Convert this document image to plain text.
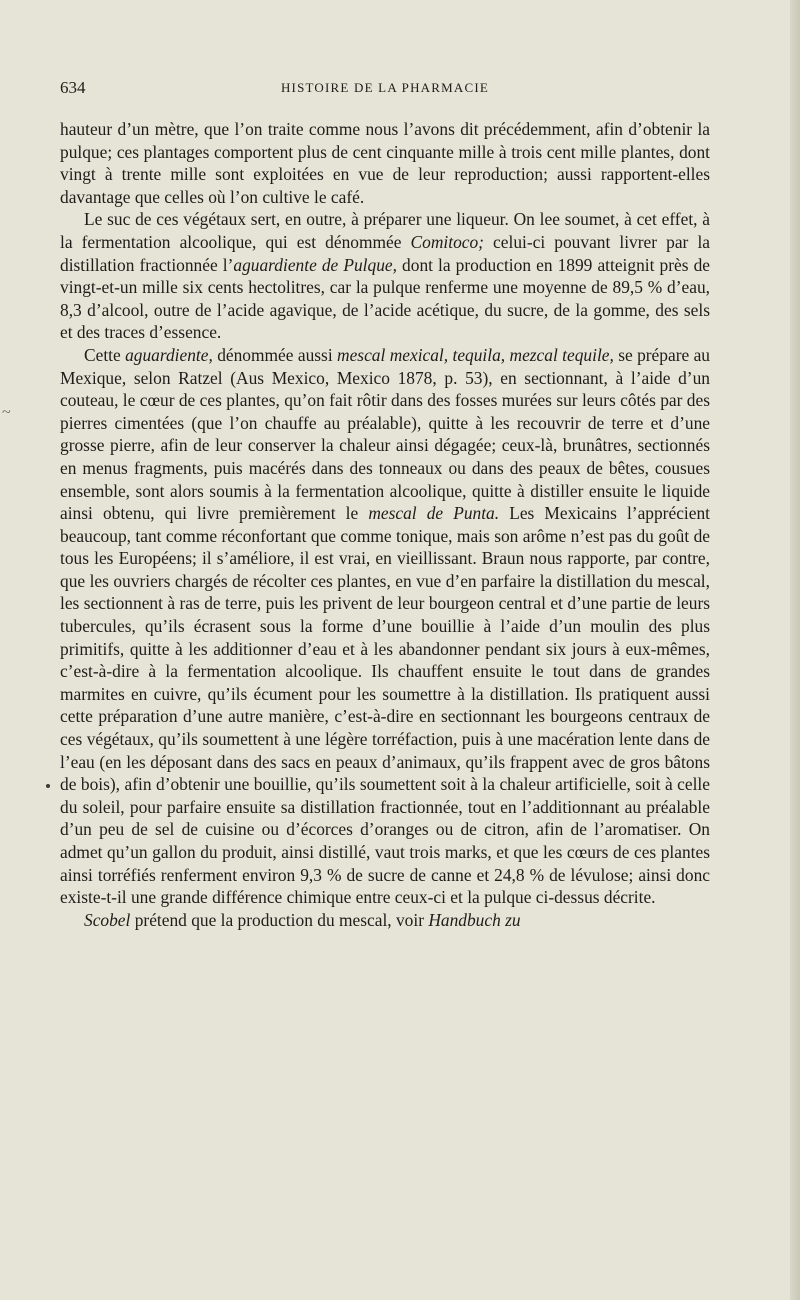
634	HISTOIRE DE LA PHARMACIE
~

hauteur d’un mètre, que l’on traite comme nous l’avons dit précédemment, afin d’obtenir la pulque; ces plantages comportent plus de cent cinquante mille à trois cent mille plantes, dont vingt à trente mille sont exploitées en vue de leur reproduction; aussi rapportent-elles davantage que celles où l’on cultive le café.

Le suc de ces végétaux sert, en outre, à préparer une liqueur. On lee soumet, à cet effet, à la fermentation alcoolique, qui est dénommée Comitoco; celui-ci pouvant livrer par la distillation fractionnée l’aguardiente de Pulque, dont la production en 1899 atteignit près de vingt-et-un mille six cents hectolitres, car la pulque renferme une moyenne de 89,5 % d’eau, 8,3 d’alcool, outre de l’acide agavique, de l’acide acétique, du sucre, de la gomme, des sels et des traces d’essence.

Cette aguardiente, dénommée aussi mescal mexical, tequila, mezcal tequile, se prépare au Mexique, selon Ratzel (Aus Mexico, Mexico 1878, p. 53), en sectionnant, à l’aide d’un couteau, le cœur de ces plantes, qu’on fait rôtir dans des fosses murées sur leurs côtés par des pierres cimentées (que l’on chauffe au préalable), quitte à les recouvrir de terre et d’une grosse pierre, afin de leur conserver la chaleur ainsi dégagée; ceux-là, brunâtres, sectionnés en menus fragments, puis macérés dans des tonneaux ou dans des peaux de bêtes, cousues ensemble, sont alors soumis à la fermentation alcoolique, quitte à distiller ensuite le liquide ainsi obtenu, qui livre premièrement le mescal de Punta. Les Mexicains l’apprécient beaucoup, tant comme réconfortant que comme tonique, mais son arôme n’est pas du goût de tous les Européens; il s’améliore, il est vrai, en vieillissant. Braun nous rapporte, par contre, que les ouvriers chargés de récolter ces plantes, en vue d’en parfaire la distillation du mescal, les sectionnent à ras de terre, puis les privent de leur bourgeon central et d’une partie de leurs tubercules, qu’ils écrasent sous la forme d’une bouillie à l’aide d’un moulin des plus primitifs, quitte à les additionner d’eau et à les abandonner pendant six jours à eux-mêmes, c’est-à-dire à la fermentation alcoolique. Ils chauffent ensuite le tout dans de grandes marmites en cuivre, qu’ils écument pour les soumettre à la distillation. Ils pratiquent aussi cette préparation d’une autre manière, c’est-à-dire en sectionnant les bourgeons centraux de ces végétaux, qu’ils soumettent à une légère torréfaction, puis à une macération lente dans de l’eau (en les déposant dans des sacs en peaux d’animaux, qu’ils frappent avec de gros bâtons de bois), afin d’obtenir une bouillie, qu’ils soumettent soit à la chaleur artificielle, soit à celle du soleil, pour parfaire ensuite sa distillation fractionnée, tout en l’additionnant au préalable d’un peu de sel de cuisine ou d’écorces d’oranges ou de citron, afin de l’aromatiser. On admet qu’un gallon du produit, ainsi distillé, vaut trois marks, et que les cœurs de ces plantes ainsi torréfiés renferment environ 9,3 % de sucre de canne et 24,8 % de lévulose; ainsi donc existe-t-il une grande différence chimique entre ceux-ci et la pulque ci-dessus décrite.

Scobel prétend que la production du mescal, voir Handbuch zu
